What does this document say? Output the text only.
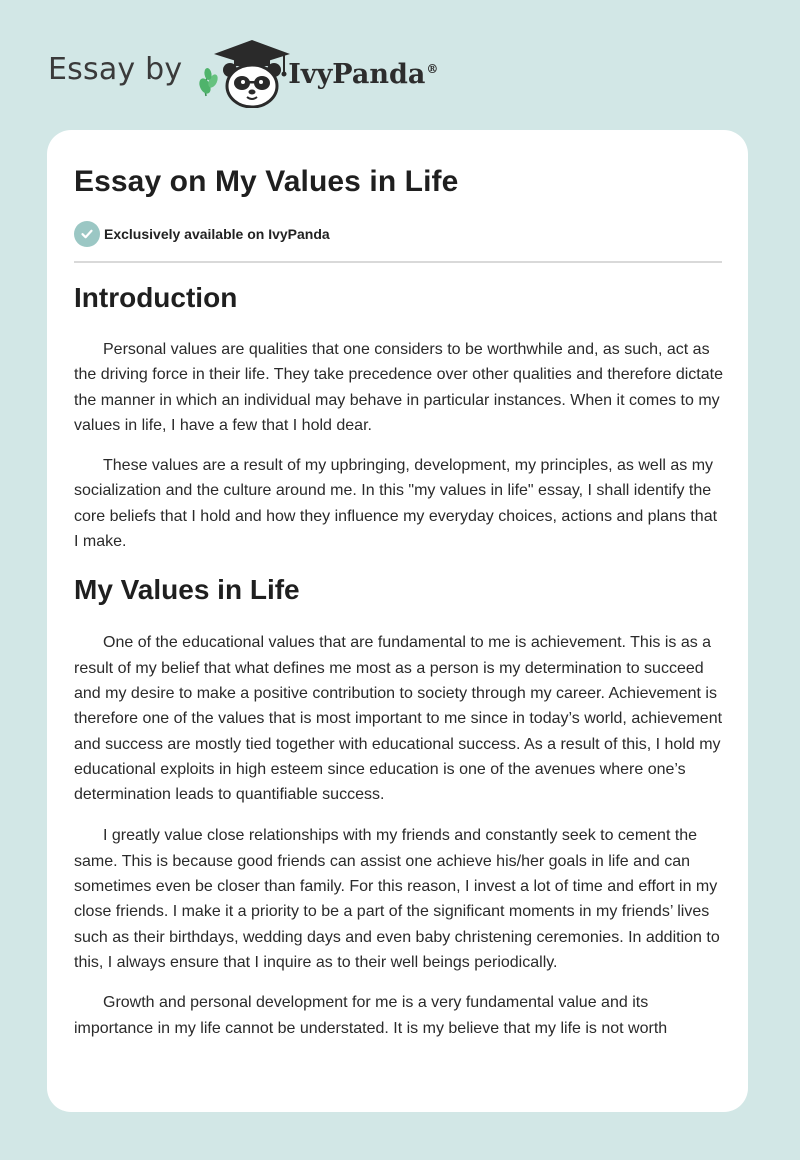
Essay by	IvyPanda®
Essay on My Values in Life
Exclusively available on IvyPanda
Introduction

Personal values are qualities that one considers to be worthwhile and, as such, act as the driving force in their life. They take precedence over other qualities and therefore dictate the manner in which an individual may behave in particular instances. When it comes to my values in life, I have a few that I hold dear.

These values are a result of my upbringing, development, my principles, as well as my socialization and the culture around me. In this "my values in life" essay, I shall identify the core beliefs that I hold and how they influence my everyday choices, actions and plans that I make.

My Values in Life

One of the educational values that are fundamental to me is achievement. This is as a result of my belief that what defines me most as a person is my determination to succeed and my desire to make a positive contribution to society through my career. Achievement is therefore one of the values that is most important to me since in today’s world, achievement and success are mostly tied together with educational success. As a result of this, I hold my educational exploits in high esteem since education is one of the avenues where one’s determination leads to quantifiable success.

I greatly value close relationships with my friends and constantly seek to cement the same. This is because good friends can assist one achieve his/her goals in life and can sometimes even be closer than family. For this reason, I invest a lot of time and effort in my close friends. I make it a priority to be a part of the significant moments in my friends’ lives such as their birthdays, wedding days and even baby christening ceremonies. In addition to this, I always ensure that I inquire as to their well beings periodically.

Growth and personal development for me is a very fundamental value and its importance in my life cannot be understated. It is my believe that my life is not worth
